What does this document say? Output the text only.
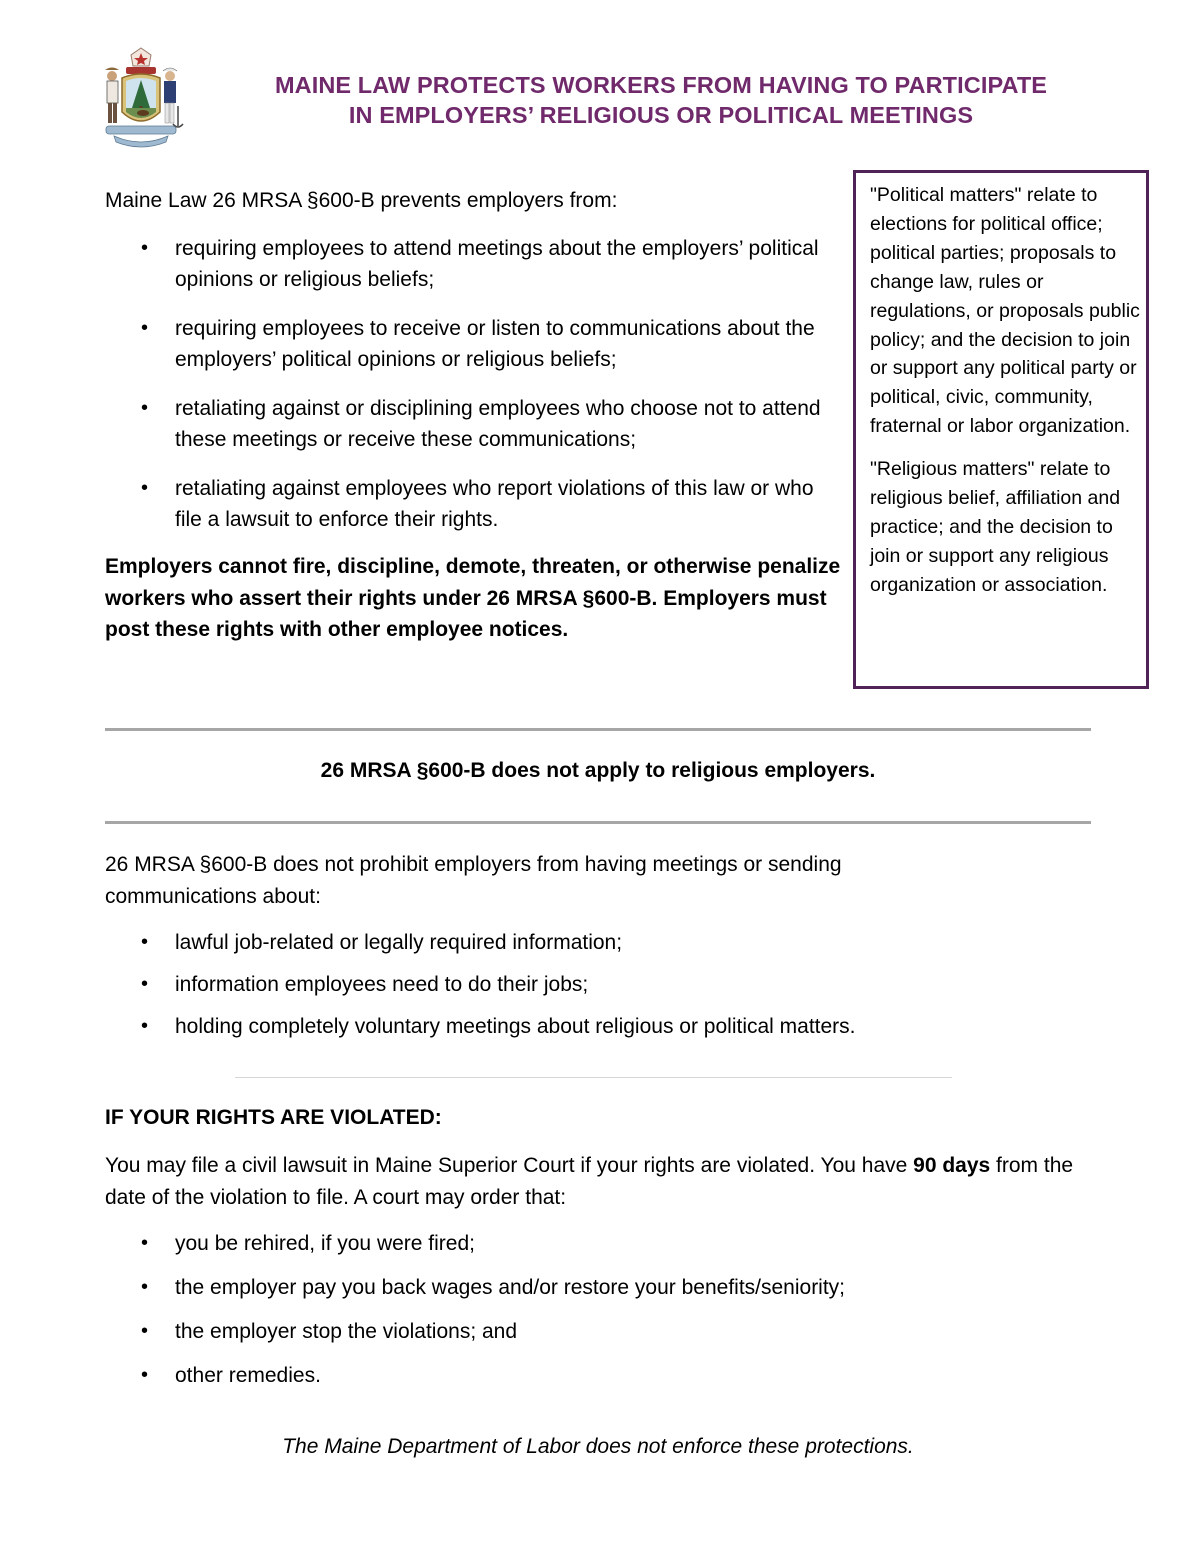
MAINE LAW PROTECTS WORKERS FROM HAVING TO PARTICIPATE
IN EMPLOYERS’ RELIGIOUS OR POLITICAL MEETINGS
Maine Law 26 MRSA §600-B prevents employers from:
• requiring employees to attend meetings about the employers’ political opinions or religious beliefs;
• requiring employees to receive or listen to communications about the employers’ political opinions or religious beliefs;
• retaliating against or disciplining employees who choose not to attend these meetings or receive these communications;
• retaliating against employees who report violations of this law or who file a lawsuit to enforce their rights.
Employers cannot fire, discipline, demote, threaten, or otherwise penalize workers who assert their rights under 26 MRSA §600-B. Employers must post these rights with other employee notices.

"Political matters" relate to elections for political office; political parties; proposals to change law, rules or regulations, or proposals public policy; and the decision to join or support any political party or political, civic, community, fraternal or labor organization.

"Religious matters" relate to religious belief, affiliation and practice; and the decision to join or support any religious organization or association.

26 MRSA §600-B does not apply to religious employers.
26 MRSA §600-B does not prohibit employers from having meetings or sending communications about:
• lawful job-related or legally required information;
• information employees need to do their jobs;
• holding completely voluntary meetings about religious or political matters.
IF YOUR RIGHTS ARE VIOLATED:
You may file a civil lawsuit in Maine Superior Court if your rights are violated. You have 90 days from the date of the violation to file. A court may order that:
• you be rehired, if you were fired;
• the employer pay you back wages and/or restore your benefits/seniority;
• the employer stop the violations; and
• other remedies.
The Maine Department of Labor does not enforce these protections.
